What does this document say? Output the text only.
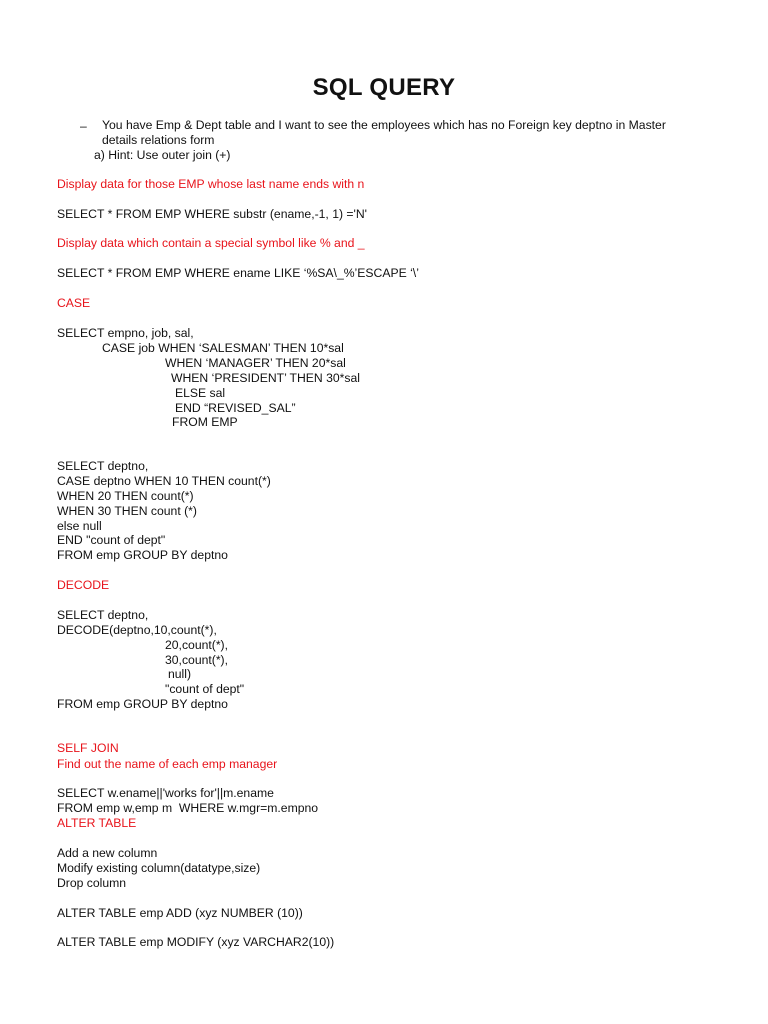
SQL QUERY
– You have Emp & Dept table and I want to see the employees which has no Foreign key deptno in Master
details relations form
a) Hint: Use outer join (+)
Display data for those EMP whose last name ends with n
SELECT * FROM EMP WHERE substr (ename,-1, 1) ='N'
Display data which contain a special symbol like % and _
SELECT * FROM EMP WHERE ename LIKE ‘%SA\_%’ESCAPE ‘\’
CASE
SELECT empno, job, sal,
CASE job WHEN ‘SALESMAN’ THEN 10*sal
WHEN ‘MANAGER’ THEN 20*sal
WHEN ‘PRESIDENT’ THEN 30*sal
ELSE sal
END “REVISED_SAL”
FROM EMP
SELECT deptno,
CASE deptno WHEN 10 THEN count(*)
WHEN 20 THEN count(*)
WHEN 30 THEN count (*)
else null
END "count of dept"
FROM emp GROUP BY deptno
DECODE
SELECT deptno,
DECODE(deptno,10,count(*),
20,count(*),
30,count(*),
null)
"count of dept"
FROM emp GROUP BY deptno
SELF JOIN
Find out the name of each emp manager
SELECT w.ename||'works for'||m.ename
FROM emp w,emp m  WHERE w.mgr=m.empno
ALTER TABLE
Add a new column
Modify existing column(datatype,size)
Drop column
ALTER TABLE emp ADD (xyz NUMBER (10))
ALTER TABLE emp MODIFY (xyz VARCHAR2(10))
